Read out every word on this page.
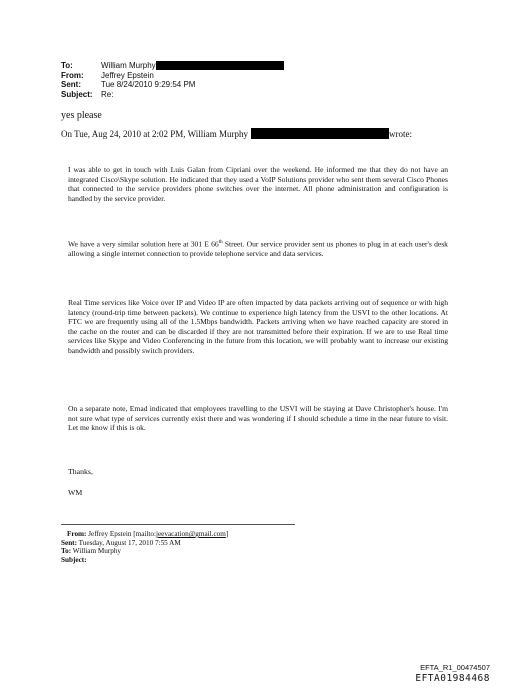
To:	William Murphy
From:	Jeffrey Epstein
Sent:	Tue 8/24/2010 9:29:54 PM
Subject:	Re:
yes please
On Tue, Aug 24, 2010 at 2:02 PM, William Murphy	wrote:
I was able to get in touch with Luis Galan from Cipriani over the weekend. He informed me that they do not have an integrated Cisco\Skype solution. He indicated that they used a VoIP Solutions provider who sent them several Cisco Phones that connected to the service providers phone switches over the internet. All phone administration and configuration is handled by the service provider.
We have a very similar solution here at 301 E 66th Street. Our service provider sent us phones to plug in at each user's desk allowing a single internet connection to provide telephone service and data services.
Real Time services like Voice over IP and Video IP are often impacted by data packets arriving out of sequence or with high latency (round-trip time between packets). We continue to experience high latency from the USVI to the other locations. At FTC we are frequently using all of the 1.5Mbps bandwidth. Packets arriving when we have reached capacity are stored in the cache on the router and can be discarded if they are not transmitted before their expiration. If we are to use Real time services like Skype and Video Conferencing in the future from this location, we will probably want to increase our existing bandwidth and possibly switch providers.
On a separate note, Emad indicated that employees travelling to the USVI will be staying at Dave Christopher's house. I'm not sure what type of services currently exist there and was wondering if I should schedule a time in the near future to visit. Let me know if this is ok.
Thanks,
WM
From: Jeffrey Epstein [mailto:jeevacation@gmail.com]
Sent: Tuesday, August 17, 2010 7:55 AM
To: William Murphy
Subject:
EFTA_R1_00474507
EFTA01984468
